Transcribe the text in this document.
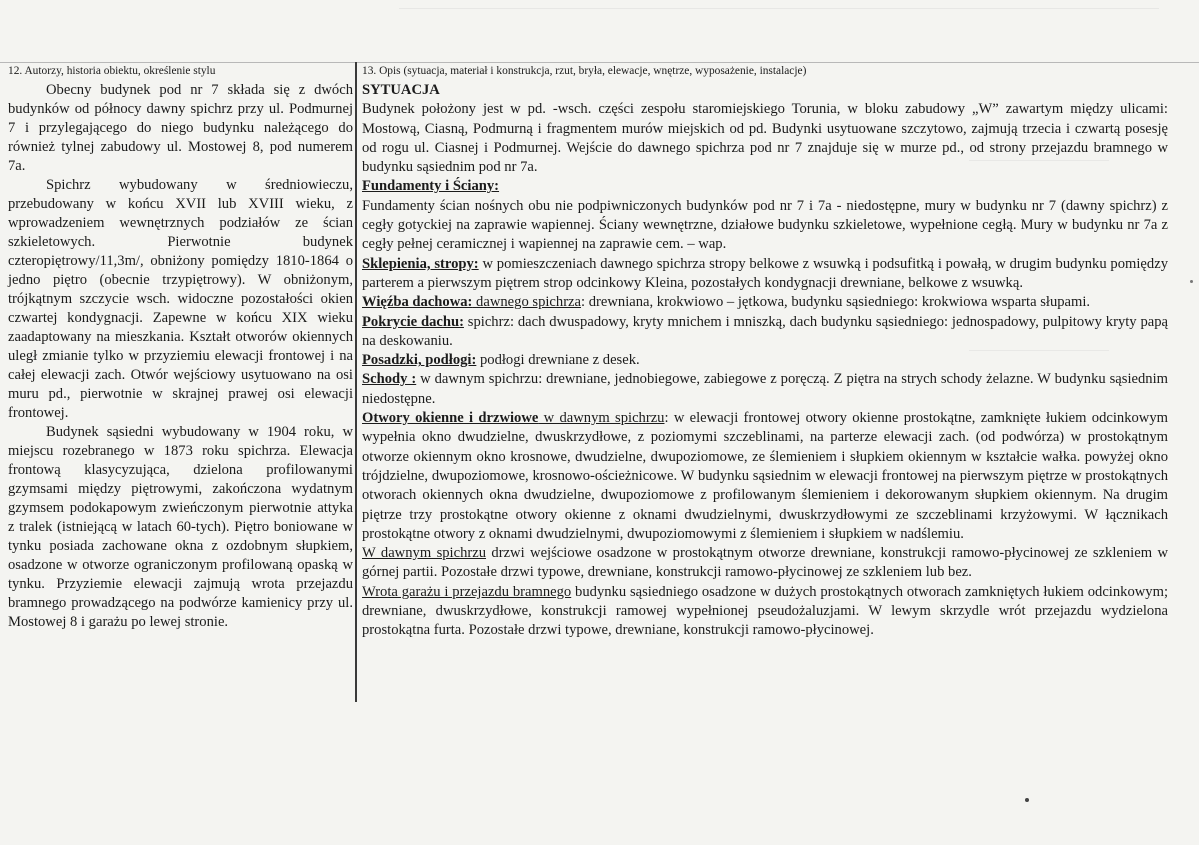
12. Autorzy, historia obiektu, określenie stylu

Obecny budynek pod nr 7 składa się z dwóch budynków od północy dawny spichrz przy ul. Podmurnej 7 i przylegającego do niego budynku należącego do również tylnej zabudowy ul. Mostowej 8, pod numerem 7a.

Spichrz wybudowany w średniowieczu, przebudowany w końcu XVII lub XVIII wieku, z wprowadzeniem wewnętrznych podziałów ze ścian szkieletowych. Pierwotnie budynek czteropiętrowy/11,3m/, obniżony pomiędzy 1810-1864 o jedno piętro (obecnie trzypiętrowy). W obniżonym, trójkątnym szczycie wsch. widoczne pozostałości okien czwartej kondygnacji. Zapewne w końcu XIX wieku zaadaptowany na mieszkania. Kształt otworów okiennych uległ zmianie tylko w przyziemiu elewacji frontowej i na całej elewacji zach. Otwór wejściowy usytuowano na osi muru pd., pierwotnie w skrajnej prawej osi elewacji frontowej.

Budynek sąsiedni wybudowany w 1904 roku, w miejscu rozebranego w 1873 roku spichrza. Elewacja frontową klasycyzująca, dzielona profilowanymi gzymsami między piętrowymi, zakończona wydatnym gzymsem podokapowym zwieńczonym pierwotnie attyka z tralek (istniejącą w latach 60-tych). Piętro boniowane w tynku posiada zachowane okna z ozdobnym słupkiem, osadzone w otworze ograniczonym profilowaną opaską w tynku. Przyziemie elewacji zajmują wrota przejazdu bramnego prowadzącego na podwórze kamienicy przy ul. Mostowej 8 i garażu po lewej stronie.

13. Opis (sytuacja, materiał i konstrukcja, rzut, bryła, elewacje, wnętrze, wyposażenie, instalacje)
SYTUACJA

Budynek położony jest w pd. -wsch. części zespołu staromiejskiego Torunia, w bloku zabudowy „W” zawartym między ulicami: Mostową, Ciasną, Podmurną i fragmentem murów miejskich od pd. Budynki usytuowane szczytowo, zajmują trzecia i czwartą posesję od rogu ul. Ciasnej i Podmurnej. Wejście do dawnego spichrza pod nr 7 znajduje się w murze pd., od strony przejazdu bramnego w budynku sąsiednim pod nr 7a.

Fundamenty i Ściany:

Fundamenty ścian nośnych obu nie podpiwniczonych budynków pod nr 7 i 7a - niedostępne, mury w budynku nr 7 (dawny spichrz) z cegły gotyckiej na zaprawie wapiennej. Ściany wewnętrzne, działowe budynku szkieletowe, wypełnione cegłą. Mury w budynku nr 7a z cegły pełnej ceramicznej i wapiennej na zaprawie cem. – wap.

Sklepienia, stropy: w pomieszczeniach dawnego spichrza stropy belkowe z wsuwką i podsufitką i powałą, w drugim budynku pomiędzy parterem a pierwszym piętrem strop odcinkowy Kleina, pozostałych kondygnacji drewniane, belkowe z wsuwką.

Więźba dachowa: dawnego spichrza: drewniana, krokwiowo – jętkowa, budynku sąsiedniego: krokwiowa wsparta słupami.

Pokrycie dachu: spichrz: dach dwuspadowy, kryty mnichem i mniszką, dach budynku sąsiedniego: jednospadowy, pulpitowy kryty papą na deskowaniu.

Posadzki, podłogi: podłogi drewniane z desek.

Schody : w dawnym spichrzu: drewniane, jednobiegowe, zabiegowe z poręczą. Z piętra na strych schody żelazne. W budynku sąsiednim niedostępne.

Otwory okienne i drzwiowe w dawnym spichrzu: w elewacji frontowej otwory okienne prostokątne, zamknięte łukiem odcinkowym wypełnia okno dwudzielne, dwuskrzydłowe, z poziomymi szczeblinami, na parterze elewacji zach. (od podwórza) w prostokątnym otworze okiennym okno krosnowe, dwudzielne, dwupoziomowe, ze ślemieniem i słupkiem okiennym w kształcie wałka. powyżej okno trójdzielne, dwupoziomowe, krosnowo-ościeżnicowe. W budynku sąsiednim w elewacji frontowej na pierwszym piętrze w prostokątnych otworach okiennych okna dwudzielne, dwupoziomowe z profilowanym ślemieniem i dekorowanym słupkiem okiennym. Na drugim piętrze trzy prostokątne otwory okienne z oknami dwudzielnymi, dwuskrzydłowymi ze szczeblinami krzyżowymi. W łącznikach prostokątne otwory z oknami dwudzielnymi, dwupoziomowymi z ślemieniem i słupkiem w nadślemiu.

W dawnym spichrzu drzwi wejściowe osadzone w prostokątnym otworze drewniane, konstrukcji ramowo-płycinowej ze szkleniem w górnej partii. Pozostałe drzwi typowe, drewniane, konstrukcji ramowo-płycinowej ze szkleniem lub bez.

Wrota garażu i przejazdu bramnego budynku sąsiedniego osadzone w dużych prostokątnych otworach zamkniętych łukiem odcinkowym; drewniane, dwuskrzydłowe, konstrukcji ramowej wypełnionej pseudożaluzjami. W lewym skrzydle wrót przejazdu wydzielona prostokątna furta. Pozostałe drzwi typowe, drewniane, konstrukcji ramowo-płycinowej.
